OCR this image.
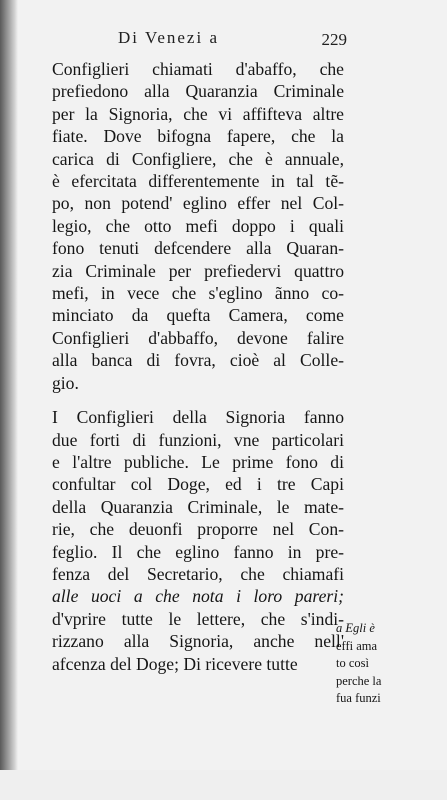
Di Venezi a	229
Configlieri chiamati d'abaffo, che
prefiedono alla Quaranzia Criminale
per la Signoria, che vi affifteva altre
fiate. Dove bifogna fapere, che la
carica di Configliere, che è annuale,
è efercitata differentemente in tal tẽ-
po, non potend' eglino effer nel Col-
legio, che otto mefi doppo i quali
fono tenuti defcendere alla Quaran-
zia Criminale per prefiedervi quattro
mefi, in vece che s'eglino ãnno co-
minciato da quefta Camera, come
Configlieri d'abbaffo, devone falire
alla banca di fovra, cioè al Colle-
gio.
I Configlieri della Signoria fanno
due forti di funzioni, vne particolari
e l'altre publiche. Le prime fono di
confultar col Doge, ed i tre Capi
della Quaranzia Criminale, le mate-
rie, che deuonfi proporre nel Con-
feglio. Il che eglino fanno in pre-
fenza del Secretario, che chiamafi
alle uoci a che nota i loro pareri;
d'vprire tutte le lettere, che s'indi-
rizzano alla Signoria, anche nell'
afcenza del Doge; Di ricevere tutte
a Egli è
effi ama
to così
perche la
fua funzi
